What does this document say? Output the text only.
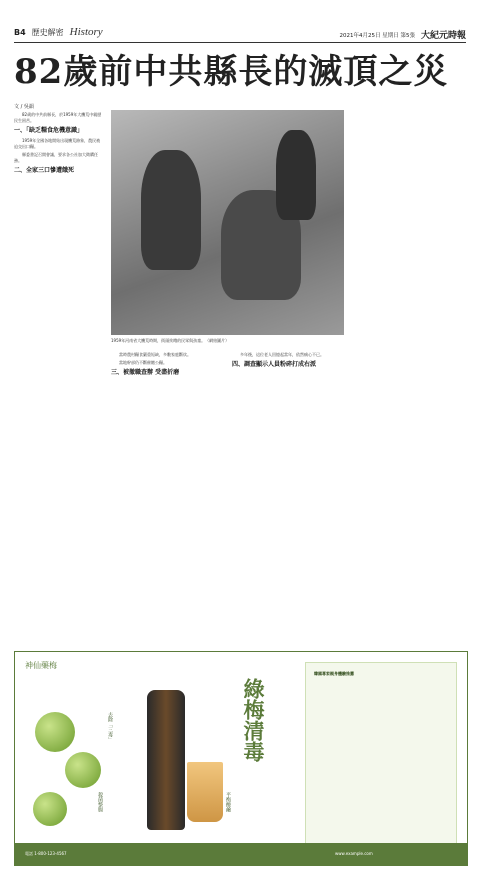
B4 歷史解密 History	2021年4月25日 星期日 第5張 大紀元時報
82歲前中共縣長的滅頂之災
文 / 吳韻

82歲的中共前縣長，於1959年大饑荒中親歷民生困苦。

一、「缺乏糧食危機意識」

1959年全國各地開始出現饑荒跡象，農民被迫交出口糧。

縣委書記召開會議，要求各公社加大徵購任務。

二、全家三口慘遭餓死
1959年河南省大饑荒時期，街頭挨餓的民眾與孩童。（網絡圖片）

當時農村糧食嚴重短缺，多數家庭斷炊。

當地幹部仍不斷催繳公糧。

三、被撤職查辦 受盡折磨

多年後，這位老人回憶起當年，依然痛心不已。

四、調查顯示人員粉碎打成右派
神仙藥梅
去除「三毒」
殺菌整腸	平衡酸鹼
綠梅清毒
韓國專家親身體驗推薦
電話 1-800-123-4567	www.example.com
